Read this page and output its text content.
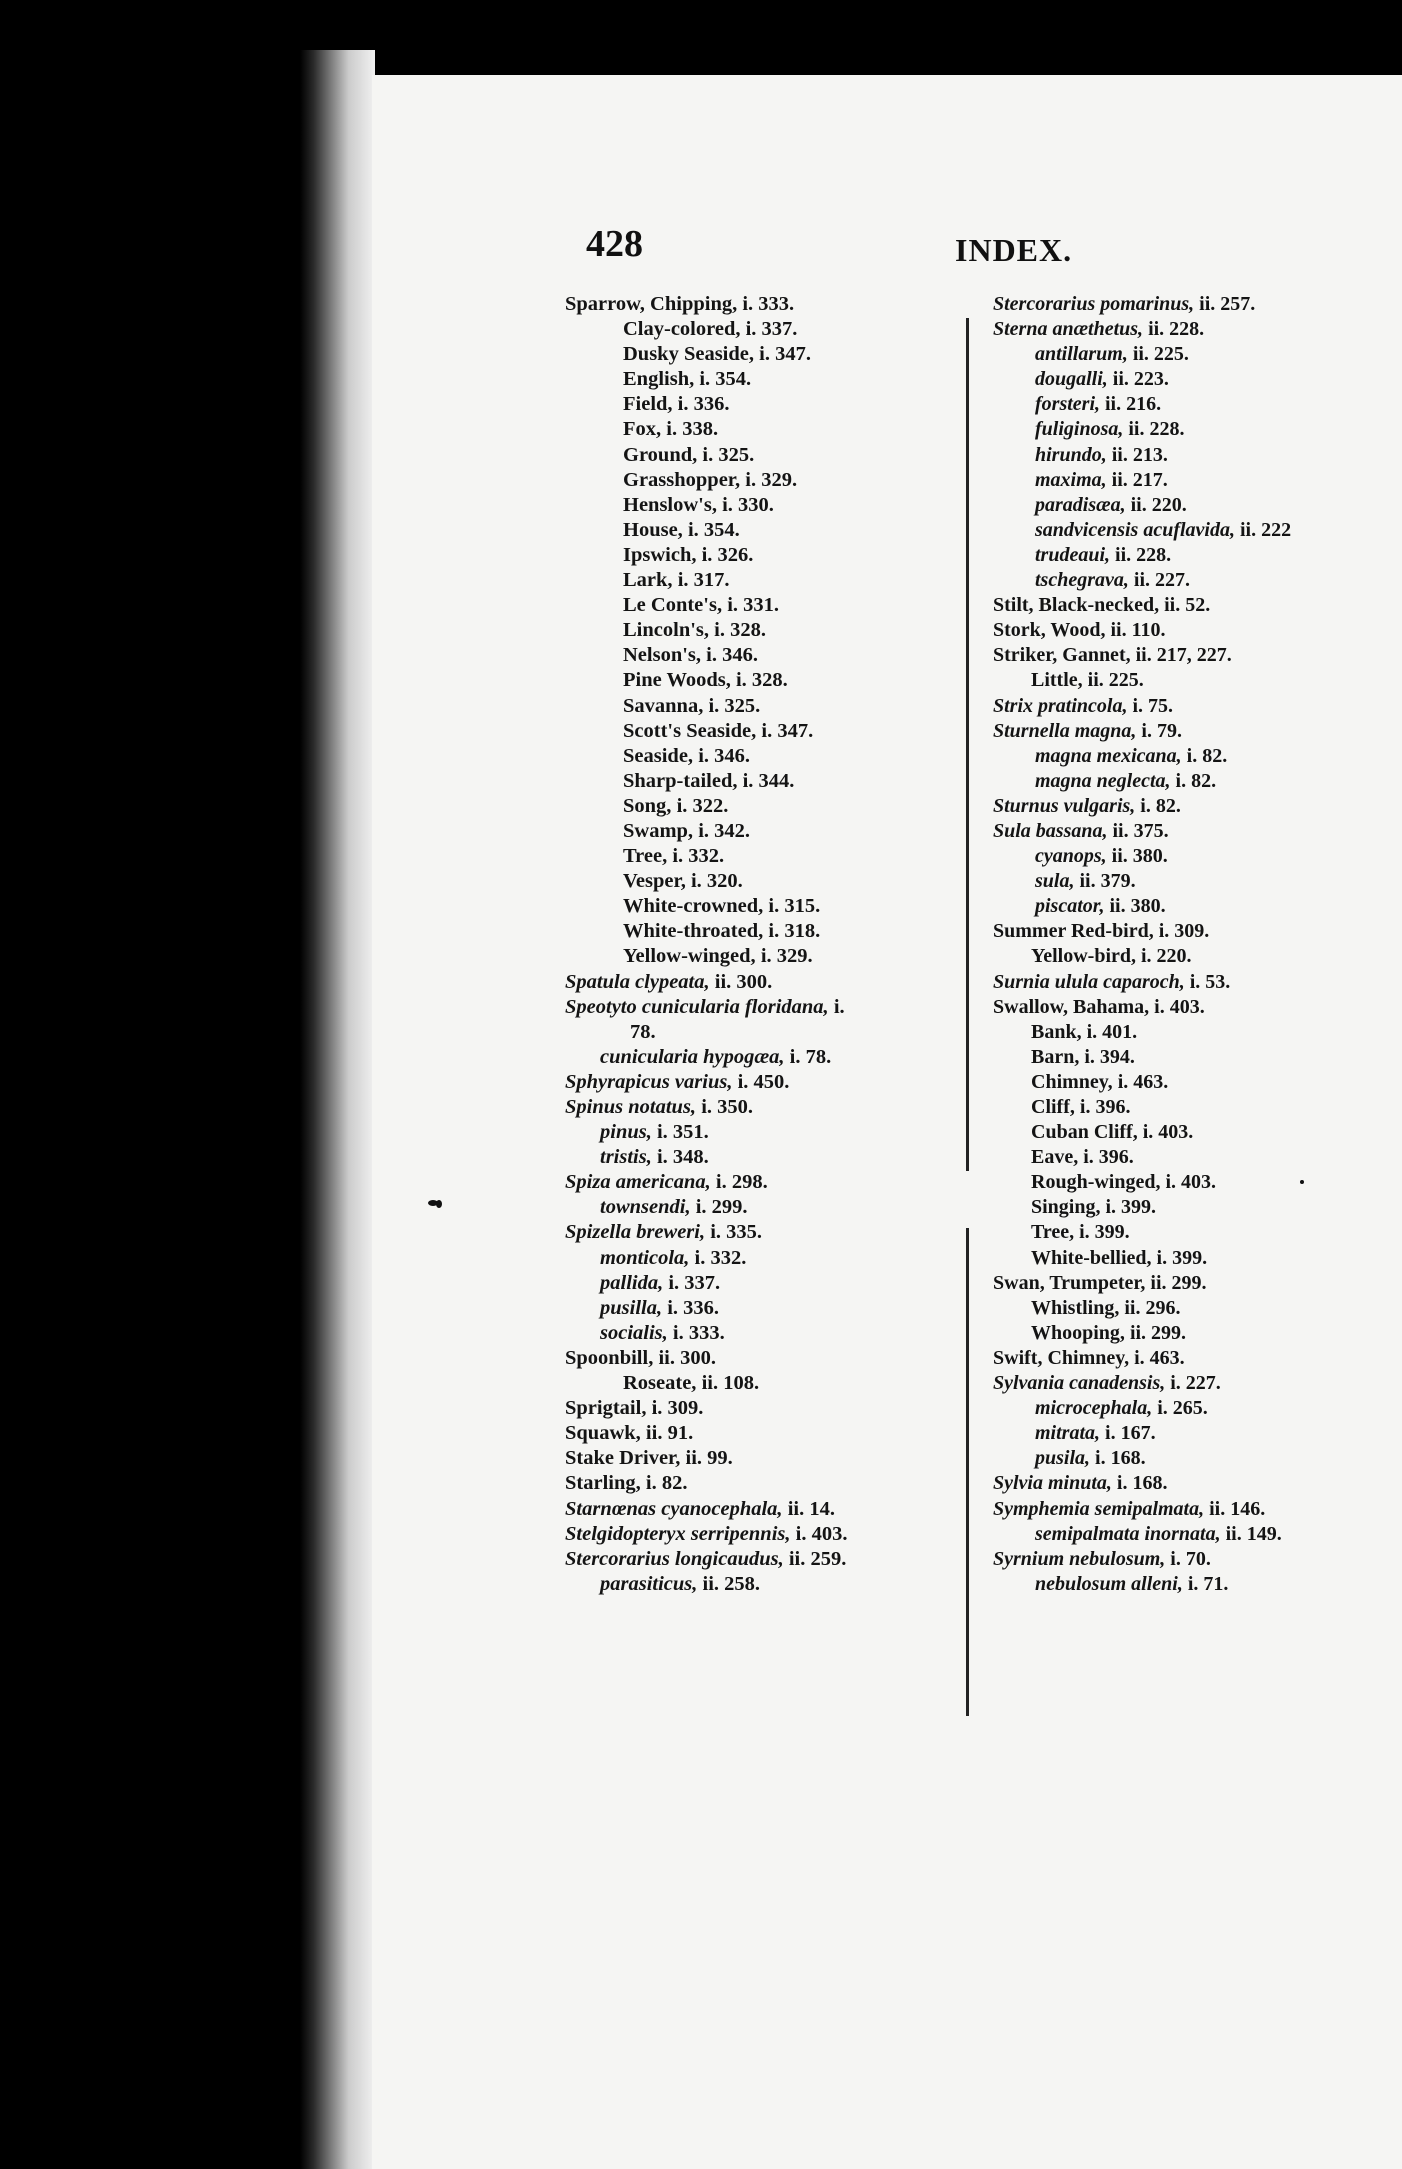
428	INDEX.
Sparrow, Chipping, i. 333.
Clay-colored, i. 337.
Dusky Seaside, i. 347.
English, i. 354.
Field, i. 336.
Fox, i. 338.
Ground, i. 325.
Grasshopper, i. 329.
Henslow's, i. 330.
House, i. 354.
Ipswich, i. 326.
Lark, i. 317.
Le Conte's, i. 331.
Lincoln's, i. 328.
Nelson's, i. 346.
Pine Woods, i. 328.
Savanna, i. 325.
Scott's Seaside, i. 347.
Seaside, i. 346.
Sharp-tailed, i. 344.
Song, i. 322.
Swamp, i. 342.
Tree, i. 332.
Vesper, i. 320.
White-crowned, i. 315.
White-throated, i. 318.
Yellow-winged, i. 329.
Spatula clypeata, ii. 300.
Speotyto cunicularia floridana, i.
78.
cunicularia hypogæa, i. 78.
Sphyrapicus varius, i. 450.
Spinus notatus, i. 350.
pinus, i. 351.
tristis, i. 348.
Spiza americana, i. 298.
townsendi, i. 299.
Spizella breweri, i. 335.
monticola, i. 332.
pallida, i. 337.
pusilla, i. 336.
socialis, i. 333.
Spoonbill, ii. 300.
Roseate, ii. 108.
Sprigtail, i. 309.
Squawk, ii. 91.
Stake Driver, ii. 99.
Starling, i. 82.
Starnœnas cyanocephala, ii. 14.
Stelgidopteryx serripennis, i. 403.
Stercorarius longicaudus, ii. 259.
parasiticus, ii. 258.
Stercorarius pomarinus, ii. 257.
Sterna anæthetus, ii. 228.
antillarum, ii. 225.
dougalli, ii. 223.
forsteri, ii. 216.
fuliginosa, ii. 228.
hirundo, ii. 213.
maxima, ii. 217.
paradisæa, ii. 220.
sandvicensis acuflavida, ii. 222
trudeaui, ii. 228.
tschegrava, ii. 227.
Stilt, Black-necked, ii. 52.
Stork, Wood, ii. 110.
Striker, Gannet, ii. 217, 227.
Little, ii. 225.
Strix pratincola, i. 75.
Sturnella magna, i. 79.
magna mexicana, i. 82.
magna neglecta, i. 82.
Sturnus vulgaris, i. 82.
Sula bassana, ii. 375.
cyanops, ii. 380.
sula, ii. 379.
piscator, ii. 380.
Summer Red-bird, i. 309.
Yellow-bird, i. 220.
Surnia ulula caparoch, i. 53.
Swallow, Bahama, i. 403.
Bank, i. 401.
Barn, i. 394.
Chimney, i. 463.
Cliff, i. 396.
Cuban Cliff, i. 403.
Eave, i. 396.
Rough-winged, i. 403.
Singing, i. 399.
Tree, i. 399.
White-bellied, i. 399.
Swan, Trumpeter, ii. 299.
Whistling, ii. 296.
Whooping, ii. 299.
Swift, Chimney, i. 463.
Sylvania canadensis, i. 227.
microcephala, i. 265.
mitrata, i. 167.
pusila, i. 168.
Sylvia minuta, i. 168.
Symphemia semipalmata, ii. 146.
semipalmata inornata, ii. 149.
Syrnium nebulosum, i. 70.
nebulosum alleni, i. 71.
